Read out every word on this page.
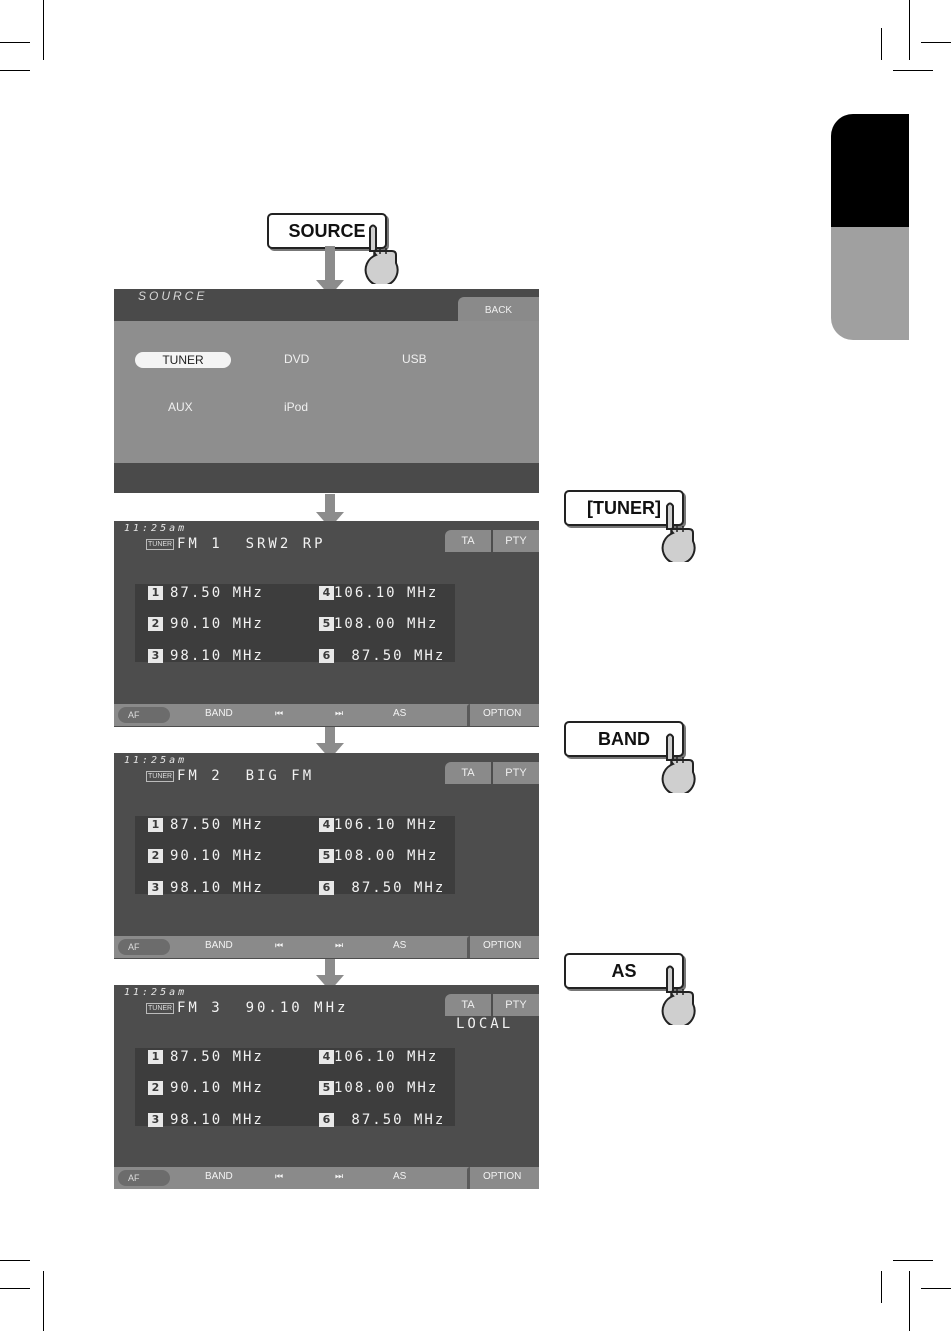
SOURCE
SOURCE
BACK
TUNER	DVD	USB
AUX	iPod
[TUNER]
11:25am
TUNER FM 1  SRW2 RP	TA	PTY
1 87.50 MHz
2 90.10 MHz
3 98.10 MHz
4 106.10 MHz
5 108.00 MHz
6 87.50 MHz
AF	BAND	⏮	⏭	AS	OPTION
BAND
11:25am
TUNER FM 2  BIG FM	TA	PTY
1 87.50 MHz
2 90.10 MHz
3 98.10 MHz
4 106.10 MHz
5 108.00 MHz
6 87.50 MHz
AF	BAND	⏮	⏭	AS	OPTION
AS
11:25am
TUNER FM 3  90.10 MHz
LOCAL
TA	PTY
1 87.50 MHz
2 90.10 MHz
3 98.10 MHz
4 106.10 MHz
5 108.00 MHz
6 87.50 MHz
AF	BAND	⏮	⏭	AS	OPTION
